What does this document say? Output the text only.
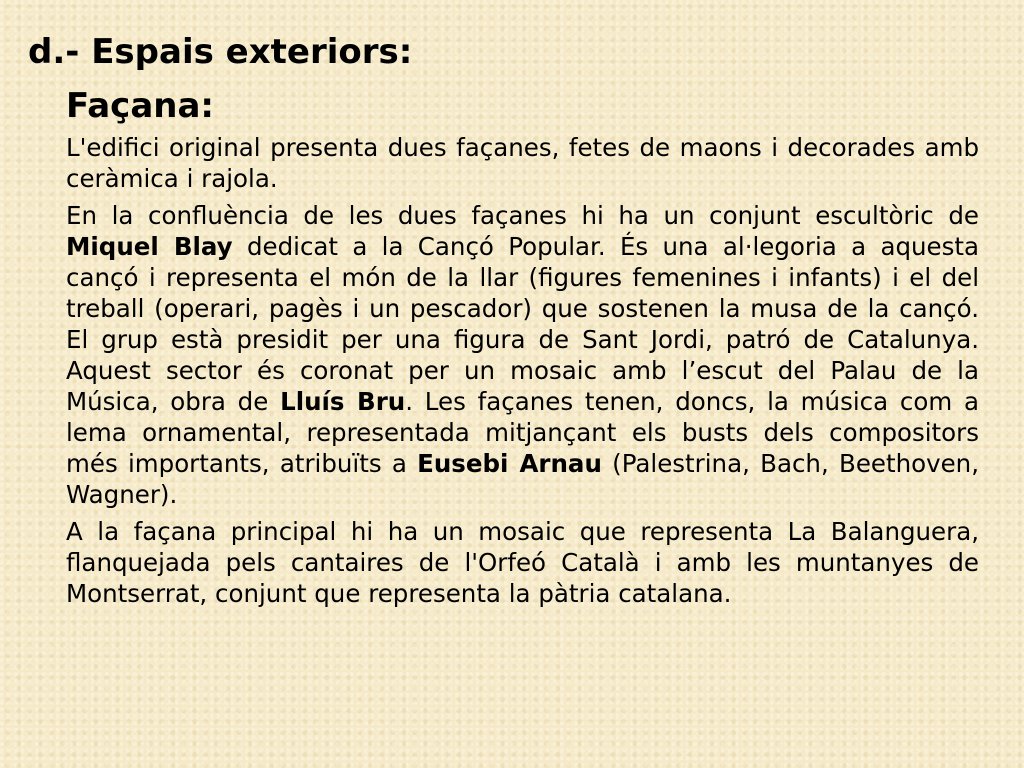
d.- Espais exteriors:
Façana:

L'edifici original presenta dues façanes, fetes de maons i decorades amb ceràmica i rajola.

En la confluència de les dues façanes hi ha un conjunt escultòric de Miquel Blay dedicat a la Cançó Popular. És una al·legoria a aquesta cançó i representa el món de la llar (figures femenines i infants) i el del treball (operari, pagès i un pescador) que sostenen la musa de la cançó. El grup està presidit per una figura de Sant Jordi, patró de Catalunya. Aquest sector és coronat per un mosaic amb l’escut del Palau de la Música, obra de Lluís Bru. Les façanes tenen, doncs, la música com a lema ornamental, representada mitjançant els busts dels compositors més importants, atribuïts a Eusebi Arnau (Palestrina, Bach, Beethoven, Wagner).

A la façana principal hi ha un mosaic que representa La Balanguera, flanquejada pels cantaires de l'Orfeó Català i amb les muntanyes de Montserrat, conjunt que representa la pàtria catalana.
